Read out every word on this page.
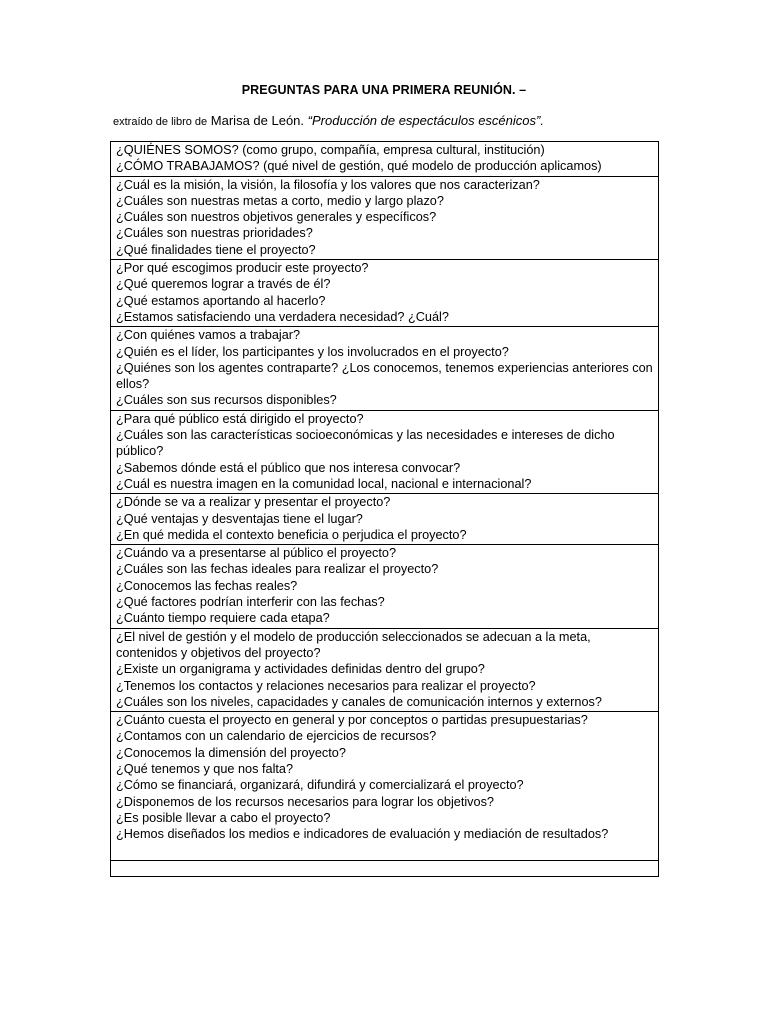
PREGUNTAS PARA UNA PRIMERA REUNIÓN. –
extraído de libro de Marisa de León. “Producción de espectáculos escénicos”.
¿QUIÉNES SOMOS? (como grupo, compañía, empresa cultural, institución)
¿CÓMO TRABAJAMOS? (qué nivel de gestión, qué modelo de producción aplicamos)

¿Cuál es la misión, la visión, la filosofía y los valores que nos caracterizan?
¿Cuáles son nuestras metas a corto, medio y largo plazo?
¿Cuáles son nuestros objetivos generales y específicos?
¿Cuáles son nuestras prioridades?
¿Qué finalidades tiene el proyecto?

¿Por qué escogimos producir este proyecto?
¿Qué queremos lograr a través de él?
¿Qué estamos aportando al hacerlo?
¿Estamos satisfaciendo una verdadera necesidad? ¿Cuál?

¿Con quiénes vamos a trabajar?
¿Quién es el líder, los participantes y los involucrados en el proyecto?
¿Quiénes son los agentes contraparte? ¿Los conocemos, tenemos experiencias anteriores con ellos?
¿Cuáles son sus recursos disponibles?

¿Para qué público está dirigido el proyecto?
¿Cuáles son las características socioeconómicas y las necesidades e intereses de dicho público?
¿Sabemos dónde está el público que nos interesa convocar?
¿Cuál es nuestra imagen en la comunidad local, nacional e internacional?

¿Dónde se va a realizar y presentar el proyecto?
¿Qué ventajas y desventajas tiene el lugar?
¿En qué medida el contexto beneficia o perjudica el proyecto?

¿Cuándo va a presentarse al público el proyecto?
¿Cuáles son las fechas ideales para realizar el proyecto?
¿Conocemos las fechas reales?
¿Qué factores podrían interferir con las fechas?
¿Cuánto tiempo requiere cada etapa?

¿El nivel de gestión y el modelo de producción seleccionados se adecuan a la meta, contenidos y objetivos del proyecto?
¿Existe un organigrama y actividades definidas dentro del grupo?
¿Tenemos los contactos y relaciones necesarios para realizar el proyecto?
¿Cuáles son los niveles, capacidades y canales de comunicación internos y externos?

¿Cuánto cuesta el proyecto en general y por conceptos o partidas presupuestarias?
¿Contamos con un calendario de ejercicios de recursos?
¿Conocemos la dimensión del proyecto?
¿Qué tenemos y que nos falta?
¿Cómo se financiará, organizará, difundirá y comercializará el proyecto?
¿Disponemos de los recursos necesarios para lograr los objetivos?
¿Es posible llevar a cabo el proyecto?
¿Hemos diseñados los medios e indicadores de evaluación y mediación de resultados?
